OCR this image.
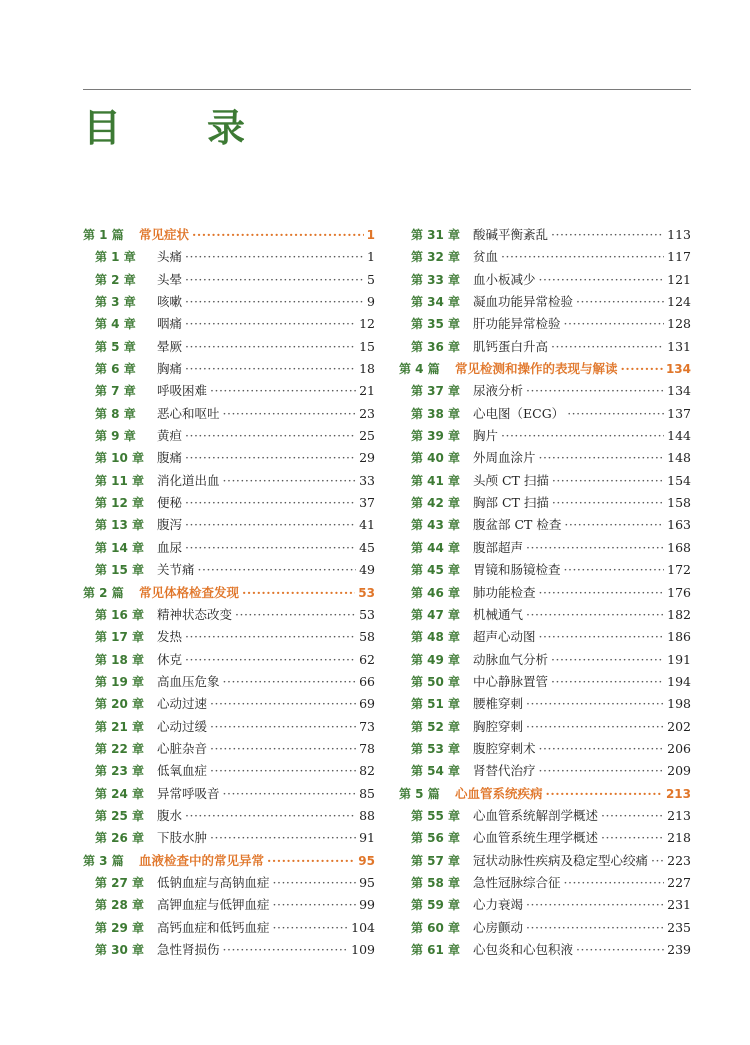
目　录
第 1 篇	常见症状 ·····	1
第 1 章	头痛 ·····	1
第 2 章	头晕 ·····	5
第 3 章	咳嗽 ·····	9
第 4 章	咽痛 ·····	12
第 5 章	晕厥 ·····	15
第 6 章	胸痛 ·····	18
第 7 章	呼吸困难 ·····	21
第 8 章	恶心和呕吐 ·····	23
第 9 章	黄疸 ·····	25
第 10 章	腹痛 ·····	29
第 11 章	消化道出血 ·····	33
第 12 章	便秘 ·····	37
第 13 章	腹泻 ·····	41
第 14 章	血尿 ·····	45
第 15 章	关节痛 ·····	49
第 2 篇	常见体格检查发现 ·····	53
第 16 章	精神状态改变 ·····	53
第 17 章	发热 ·····	58
第 18 章	休克 ·····	62
第 19 章	高血压危象 ·····	66
第 20 章	心动过速 ·····	69
第 21 章	心动过缓 ·····	73
第 22 章	心脏杂音 ·····	78
第 23 章	低氧血症 ·····	82
第 24 章	异常呼吸音 ·····	85
第 25 章	腹水 ·····	88
第 26 章	下肢水肿 ·····	91
第 3 篇	血液检查中的常见异常 ·····	95
第 27 章	低钠血症与高钠血症 ·····	95
第 28 章	高钾血症与低钾血症 ·····	99
第 29 章	高钙血症和低钙血症 ·····	104
第 30 章	急性肾损伤 ·····	109
第 31 章	酸碱平衡紊乱 ·····	113
第 32 章	贫血 ·····	117
第 33 章	血小板减少 ·····	121
第 34 章	凝血功能异常检验 ·····	124
第 35 章	肝功能异常检验 ·····	128
第 36 章	肌钙蛋白升高 ·····	131
第 4 篇	常见检测和操作的表现与解读 ·····	134
第 37 章	尿液分析 ·····	134
第 38 章	心电图（ECG） ·····	137
第 39 章	胸片 ·····	144
第 40 章	外周血涂片 ·····	148
第 41 章	头颅 CT 扫描 ·····	154
第 42 章	胸部 CT 扫描 ·····	158
第 43 章	腹盆部 CT 检查 ·····	163
第 44 章	腹部超声 ·····	168
第 45 章	胃镜和肠镜检查 ·····	172
第 46 章	肺功能检查 ·····	176
第 47 章	机械通气 ·····	182
第 48 章	超声心动图 ·····	186
第 49 章	动脉血气分析 ·····	191
第 50 章	中心静脉置管 ·····	194
第 51 章	腰椎穿刺 ·····	198
第 52 章	胸腔穿刺 ·····	202
第 53 章	腹腔穿刺术 ·····	206
第 54 章	肾替代治疗 ·····	209
第 5 篇	心血管系统疾病 ·····	213
第 55 章	心血管系统解剖学概述 ·····	213
第 56 章	心血管系统生理学概述 ·····	218
第 57 章	冠状动脉性疾病及稳定型心绞痛 ····· 223
第 58 章	急性冠脉综合征 ·····	227
第 59 章	心力衰竭 ·····	231
第 60 章	心房颤动 ·····	235
第 61 章	心包炎和心包积液 ·····	239
